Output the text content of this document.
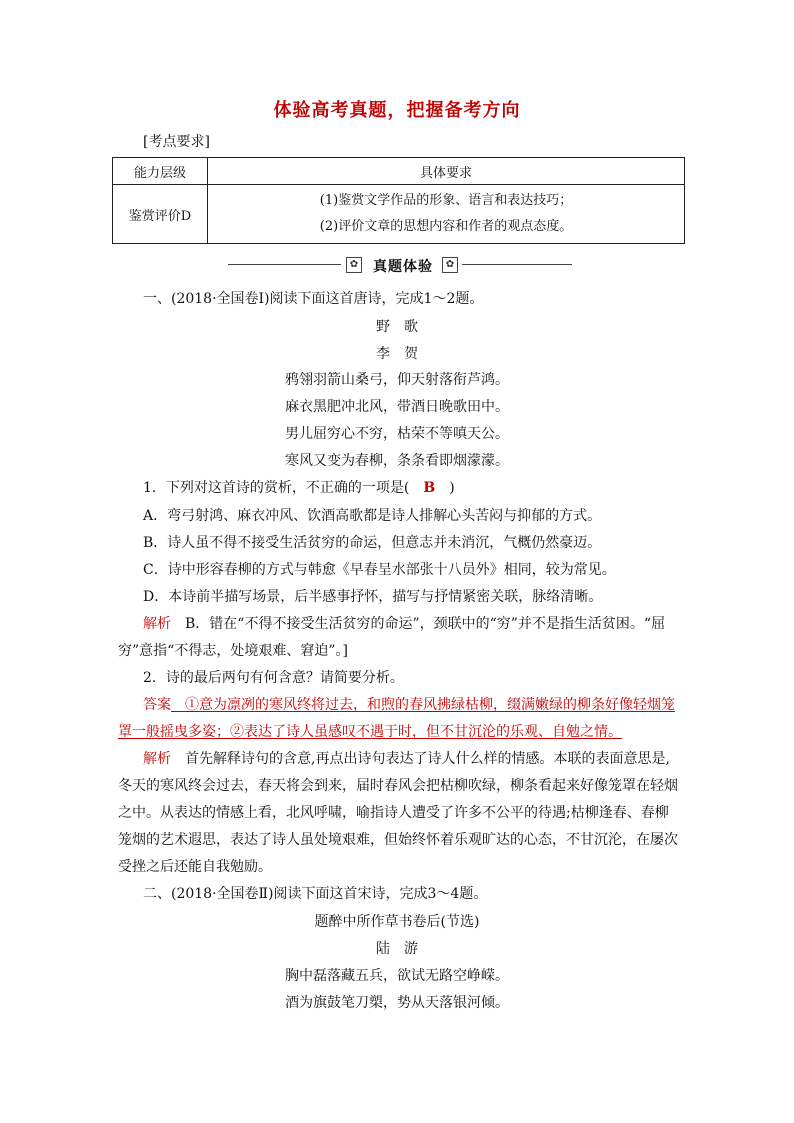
体验高考真题，把握备考方向
[考点要求]
能力层级	具体要求
鉴赏评价D	(1)鉴赏文学作品的形象、语言和表达技巧；
(2)评价文章的思想内容和作者的观点态度。
✿	真题体验	✿
一、(2018·全国卷Ⅰ)阅读下面这首唐诗，完成1～2题。
野　歌
李　贺
鸦翎羽箭山桑弓，仰天射落衔芦鸿。
麻衣黑肥冲北风，带酒日晚歌田中。
男儿屈穷心不穷，枯荣不等嗔天公。
寒风又变为春柳，条条看即烟濛濛。
1．下列对这首诗的赏析，不正确的一项是(　B　)
A．弯弓射鸿、麻衣冲风、饮酒高歌都是诗人排解心头苦闷与抑郁的方式。
B．诗人虽不得不接受生活贫穷的命运，但意志并未消沉，气概仍然豪迈。
C．诗中形容春柳的方式与韩愈《早春呈水部张十八员外》相同，较为常见。
D．本诗前半描写场景，后半感事抒怀，描写与抒情紧密关联，脉络清晰。
解析　B．错在“不得不接受生活贫穷的命运”，颈联中的“穷”并不是指生活贫困。“屈
穷”意指“不得志，处境艰难、窘迫”。]
2．诗的最后两句有何含意？请简要分析。
答案　①意为凛冽的寒风终将过去，和煦的春风拂绿枯柳，缀满嫩绿的柳条好像轻烟笼
罩一般摇曳多姿；②表达了诗人虽感叹不遇于时，但不甘沉沦的乐观、自勉之情。
解析　首先解释诗句的含意,再点出诗句表达了诗人什么样的情感。本联的表面意思是,
冬天的寒风终会过去，春天将会到来，届时春风会把枯柳吹绿，柳条看起来好像笼罩在轻烟
之中。从表达的情感上看，北风呼啸，喻指诗人遭受了许多不公平的待遇;枯柳逢春、春柳
笼烟的艺术遐思，表达了诗人虽处境艰难，但始终怀着乐观旷达的心态，不甘沉沦，在屡次
受挫之后还能自我勉励。
二、(2018·全国卷Ⅱ)阅读下面这首宋诗，完成3～4题。
题醉中所作草书卷后(节选)
陆　游
胸中磊落藏五兵，欲试无路空峥嵘。
酒为旗鼓笔刀槊，势从天落银河倾。
